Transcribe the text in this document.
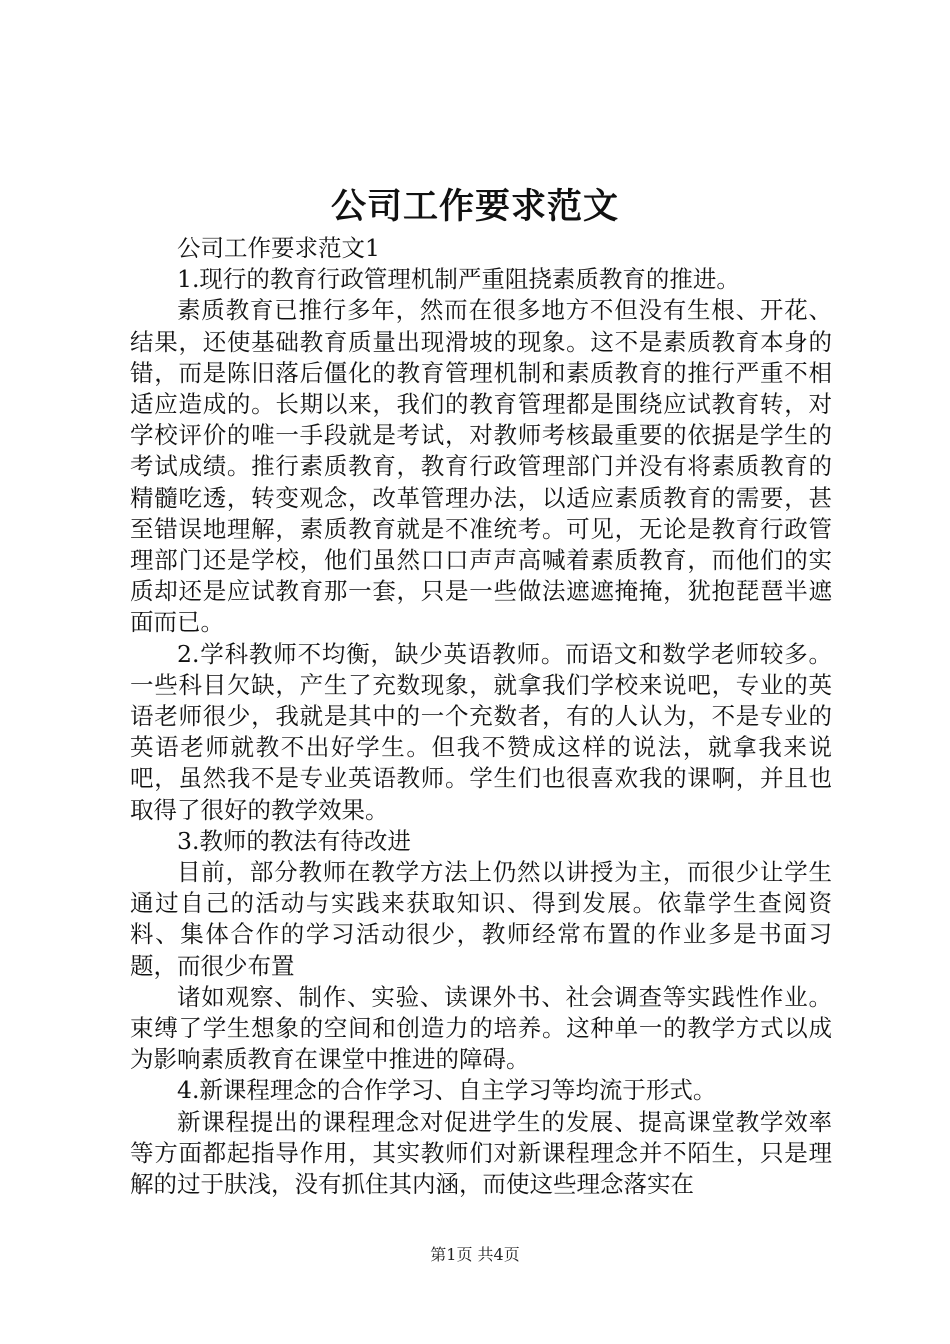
公司工作要求范文

公司工作要求范文1

1.现行的教育行政管理机制严重阻挠素质教育的推进。

素质教育已推行多年，然而在很多地方不但没有生根、开花、结果，还使基础教育质量出现滑坡的现象。这不是素质教育本身的错，而是陈旧落后僵化的教育管理机制和素质教育的推行严重不相适应造成的。长期以来，我们的教育管理都是围绕应试教育转，对学校评价的唯一手段就是考试，对教师考核最重要的依据是学生的考试成绩。推行素质教育，教育行政管理部门并没有将素质教育的精髓吃透，转变观念，改革管理办法，以适应素质教育的需要，甚至错误地理解，素质教育就是不准统考。可见，无论是教育行政管理部门还是学校，他们虽然口口声声高喊着素质教育，而他们的实质却还是应试教育那一套，只是一些做法遮遮掩掩，犹抱琵琶半遮面而已。

2.学科教师不均衡，缺少英语教师。而语文和数学老师较多。一些科目欠缺，产生了充数现象，就拿我们学校来说吧，专业的英语老师很少，我就是其中的一个充数者，有的人认为，不是专业的英语老师就教不出好学生。但我不赞成这样的说法，就拿我来说吧，虽然我不是专业英语教师。学生们也很喜欢我的课啊，并且也取得了很好的教学效果。

3.教师的教法有待改进

目前，部分教师在教学方法上仍然以讲授为主，而很少让学生通过自己的活动与实践来获取知识、得到发展。依靠学生查阅资料、集体合作的学习活动很少，教师经常布置的作业多是书面习题，而很少布置

诸如观察、制作、实验、读课外书、社会调查等实践性作业。束缚了学生想象的空间和创造力的培养。这种单一的教学方式以成为影响素质教育在课堂中推进的障碍。

4.新课程理念的合作学习、自主学习等均流于形式。

新课程提出的课程理念对促进学生的发展、提高课堂教学效率等方面都起指导作用，其实教师们对新课程理念并不陌生，只是理解的过于肤浅，没有抓住其内涵，而使这些理念落实在

第1页 共4页
